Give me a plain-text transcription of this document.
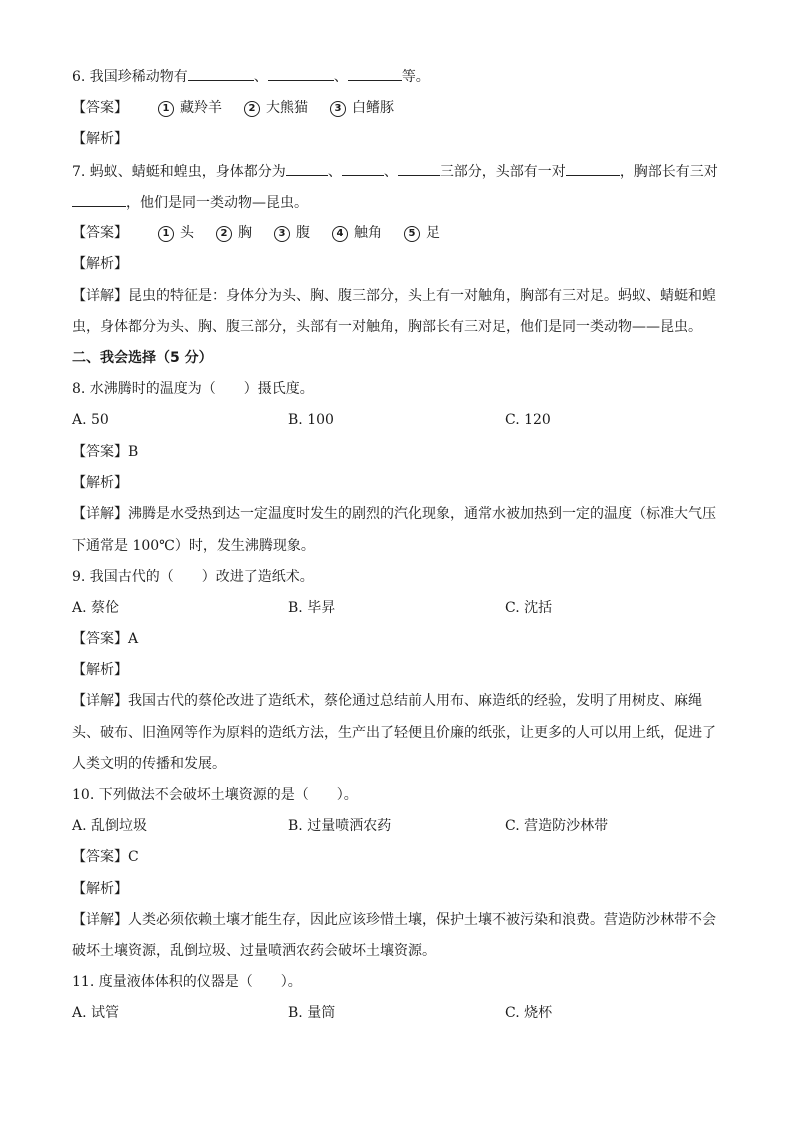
6. 我国珍稀动物有	、	、	等。
【答案】	1 藏羚羊	2 大熊猫	3 白鳍豚
【解析】
7. 蚂蚁、蜻蜓和蝗虫，身体都分为	、	、	三部分，头部有一对	，胸部长有三对
，他们是同一类动物—昆虫。
【答案】	1 头	2 胸	3 腹	4 触角	5 足
【解析】
【详解】昆虫的特征是：身体分为头、胸、腹三部分，头上有一对触角，胸部有三对足。蚂蚁、蜻蜓和蝗
虫，身体都分为头、胸、腹三部分，头部有一对触角，胸部长有三对足，他们是同一类动物——昆虫。
二、我会选择（5 分）
8. 水沸腾时的温度为（　　）摄氏度。
A. 50	B. 100	C. 120
【答案】B
【解析】
【详解】沸腾是水受热到达一定温度时发生的剧烈的汽化现象，通常水被加热到一定的温度（标准大气压
下通常是 100℃）时，发生沸腾现象。
9. 我国古代的（　　）改进了造纸术。
A. 蔡伦	B. 毕昇	C. 沈括
【答案】A
【解析】
【详解】我国古代的蔡伦改进了造纸术，蔡伦通过总结前人用布、麻造纸的经验，发明了用树皮、麻绳
头、破布、旧渔网等作为原料的造纸方法，生产出了轻便且价廉的纸张，让更多的人可以用上纸，促进了
人类文明的传播和发展。
10. 下列做法不会破坏土壤资源的是（　　）。
A. 乱倒垃圾	B. 过量喷洒农药	C. 营造防沙林带
【答案】C
【解析】
【详解】人类必须依赖土壤才能生存，因此应该珍惜土壤，保护土壤不被污染和浪费。营造防沙林带不会
破坏土壤资源，乱倒垃圾、过量喷洒农药会破坏土壤资源。
11. 度量液体体积的仪器是（　　）。
A. 试管	B. 量筒	C. 烧杯
